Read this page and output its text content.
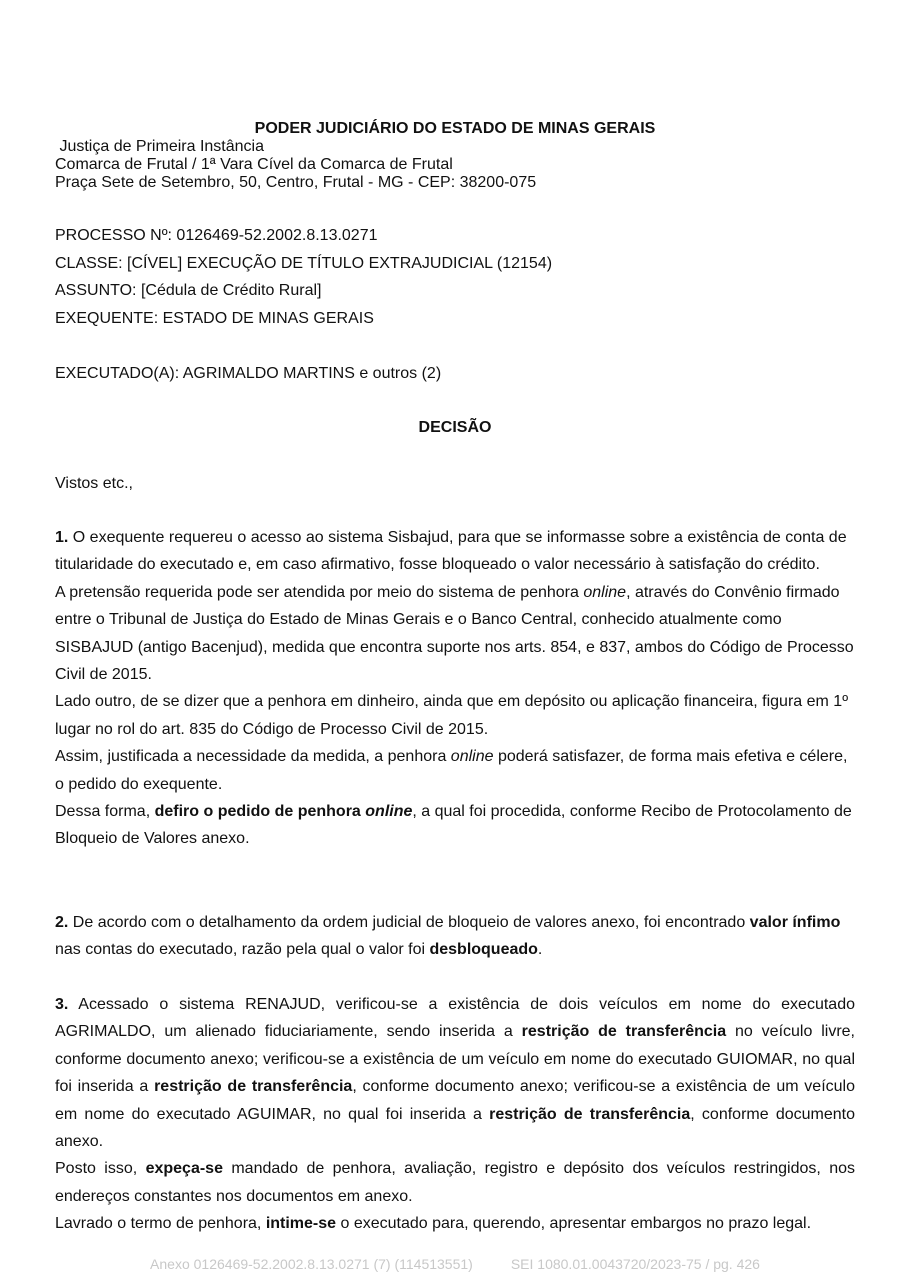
PODER JUDICIÁRIO DO ESTADO DE MINAS GERAIS
Justiça de Primeira Instância
Comarca de Frutal / 1ª Vara Cível da Comarca de Frutal
Praça Sete de Setembro, 50, Centro, Frutal - MG - CEP: 38200-075
PROCESSO Nº: 0126469-52.2002.8.13.0271
CLASSE: [CÍVEL] EXECUÇÃO DE TÍTULO EXTRAJUDICIAL (12154)
ASSUNTO: [Cédula de Crédito Rural]
EXEQUENTE: ESTADO DE MINAS GERAIS
EXECUTADO(A): AGRIMALDO MARTINS e outros (2)
DECISÃO
Vistos etc.,

1. O exequente requereu o acesso ao sistema Sisbajud, para que se informasse sobre a existência de conta de titularidade do executado e, em caso afirmativo, fosse bloqueado o valor necessário à satisfação do crédito.

A pretensão requerida pode ser atendida por meio do sistema de penhora online, através do Convênio firmado entre o Tribunal de Justiça do Estado de Minas Gerais e o Banco Central, conhecido atualmente como SISBAJUD (antigo Bacenjud), medida que encontra suporte nos arts. 854, e 837, ambos do Código de Processo Civil de 2015.

Lado outro, de se dizer que a penhora em dinheiro, ainda que em depósito ou aplicação financeira, figura em 1º lugar no rol do art. 835 do Código de Processo Civil de 2015.

Assim, justificada a necessidade da medida, a penhora online poderá satisfazer, de forma mais efetiva e célere, o pedido do exequente.

Dessa forma, defiro o pedido de penhora online, a qual foi procedida, conforme Recibo de Protocolamento de Bloqueio de Valores anexo.

2. De acordo com o detalhamento da ordem judicial de bloqueio de valores anexo, foi encontrado valor ínfimo nas contas do executado, razão pela qual o valor foi desbloqueado.

3. Acessado o sistema RENAJUD, verificou-se a existência de dois veículos em nome do executado AGRIMALDO, um alienado fiduciariamente, sendo inserida a restrição de transferência no veículo livre, conforme documento anexo; verificou-se a existência de um veículo em nome do executado GUIOMAR, no qual foi inserida a restrição de transferência, conforme documento anexo; verificou-se a existência de um veículo em nome do executado AGUIMAR, no qual foi inserida a restrição de transferência, conforme documento anexo.

Posto isso, expeça-se mandado de penhora, avaliação, registro e depósito dos veículos restringidos, nos endereços constantes nos documentos em anexo.

Lavrado o termo de penhora, intime-se o executado para, querendo, apresentar embargos no prazo legal.

Anexo 0126469-52.2002.8.13.0271 (7) (114513551)	SEI 1080.01.0043720/2023-75 / pg. 426
